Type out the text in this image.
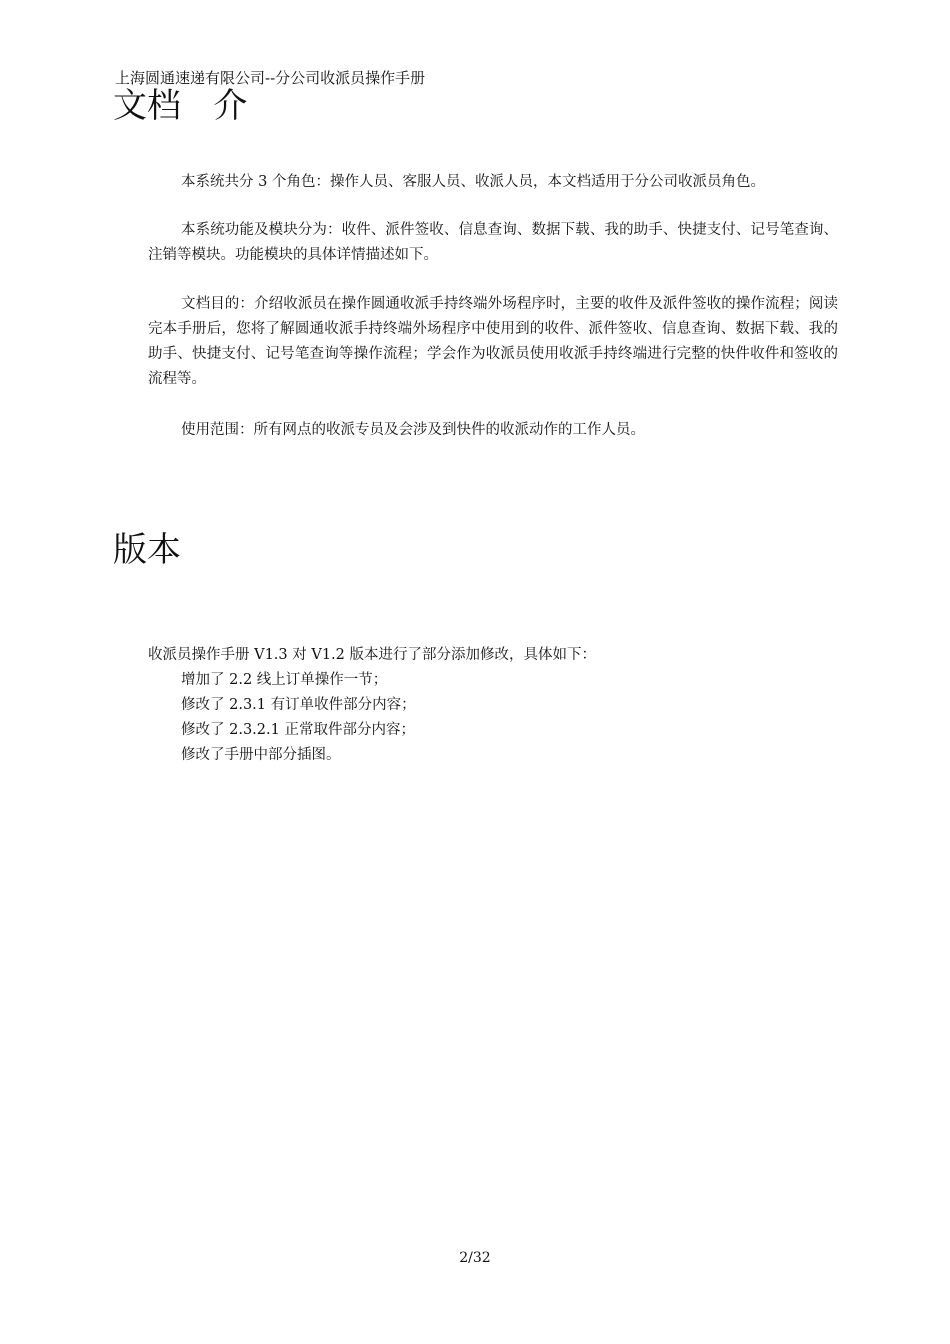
上海圆通速递有限公司--分公司收派员操作手册
文档   介

本系统共分 3 个角色：操作人员、客服人员、收派人员，本文档适用于分公司收派员角色。

本系统功能及模块分为：收件、派件签收、信息查询、数据下载、我的助手、快捷支付、记号笔查询、注销等模块。功能模块的具体详情描述如下。

文档目的：介绍收派员在操作圆通收派手持终端外场程序时，主要的收件及派件签收的操作流程；阅读完本手册后，您将了解圆通收派手持终端外场程序中使用到的收件、派件签收、信息查询、数据下载、我的助手、快捷支付、记号笔查询等操作流程；学会作为收派员使用收派手持终端进行完整的快件收件和签收的流程等。

使用范围：所有网点的收派专员及会涉及到快件的收派动作的工作人员。

版本
收派员操作手册 V1.3 对 V1.2 版本进行了部分添加修改，具体如下：
增加了 2.2 线上订单操作一节；
修改了 2.3.1 有订单收件部分内容；
修改了 2.3.2.1 正常取件部分内容；
修改了手册中部分插图。
2/32
